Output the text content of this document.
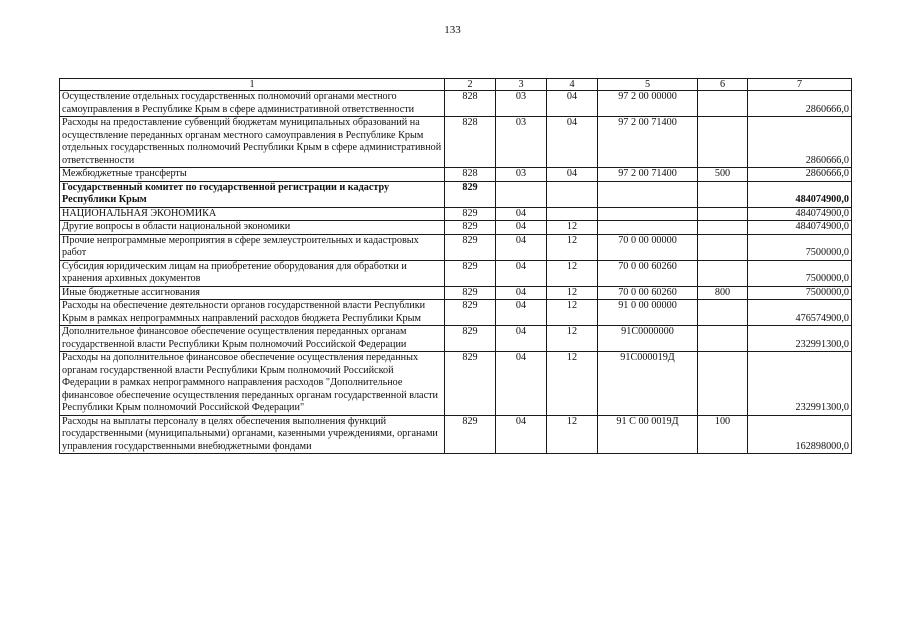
133
1	2	3	4	5	6	7
Осуществление отдельных государственных полномочий органами местного самоуправления в Республике Крым в сфере административной ответственности	828	03	04	97 2 00 00000		2860666,0
Расходы на предоставление субвенций бюджетам муниципальных образований на осуществление переданных органам местного самоуправления в Республике Крым отдельных государственных полномочий Республики Крым в сфере административной ответственности	828	03	04	97 2 00 71400		2860666,0
Межбюджетные трансферты	828	03	04	97 2 00 71400	500	2860666,0
Государственный комитет по государственной регистрации и кадастру Республики Крым	829					484074900,0
НАЦИОНАЛЬНАЯ ЭКОНОМИКА	829	04				484074900,0
Другие вопросы в области национальной экономики	829	04	12			484074900,0
Прочие непрограммные мероприятия в сфере землеустроительных и кадастровых работ	829	04	12	70 0 00 00000		7500000,0
Субсидия юридическим лицам на приобретение оборудования для обработки и хранения архивных документов	829	04	12	70 0 00 60260		7500000,0
Иные бюджетные ассигнования	829	04	12	70 0 00 60260	800	7500000,0
Расходы на обеспечение деятельности органов государственной власти Республики Крым в рамках непрограммных направлений расходов бюджета Республики Крым	829	04	12	91 0 00 00000		476574900,0
Дополнительное финансовое обеспечение осуществления переданных органам государственной власти Республики Крым полномочий Российской Федерации	829	04	12	91С0000000		232991300,0
Расходы на дополнительное финансовое обеспечение осуществления переданных органам государственной власти Республики Крым полномочий Российской Федерации в рамках непрограммного направления расходов "Дополнительное финансовое обеспечение осуществления переданных органам государственной власти Республики Крым полномочий Российской Федерации"	829	04	12	91С000019Д		232991300,0
Расходы на выплаты персоналу в целях обеспечения выполнения функций государственными (муниципальными) органами, казенными учреждениями, органами управления государственными внебюджетными фондами	829	04	12	91 С 00 0019Д	100	162898000,0
